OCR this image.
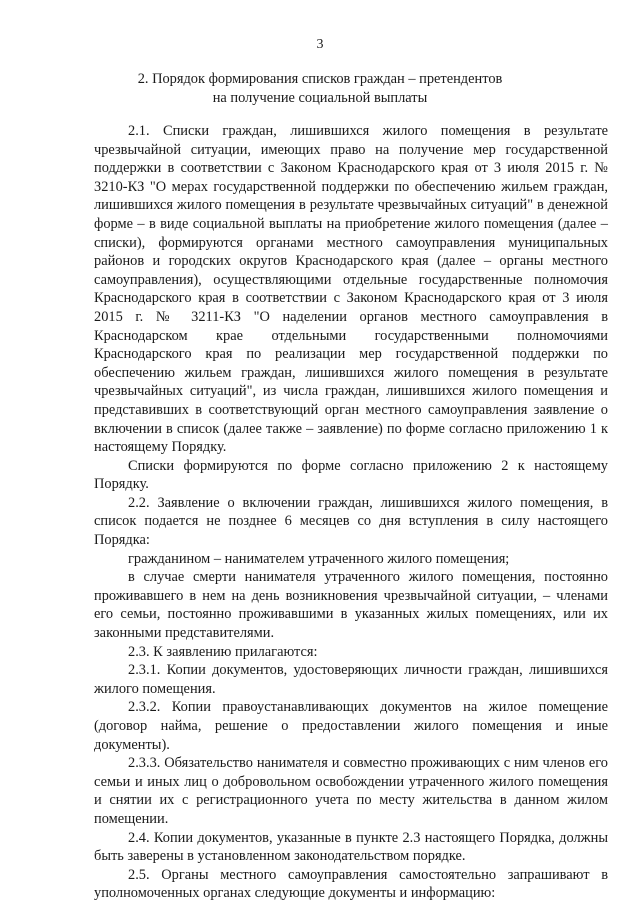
3
2. Порядок формирования списков граждан – претендентов
на получение социальной выплаты

2.1. Списки граждан, лишившихся жилого помещения в результате чрезвычайной ситуации, имеющих право на получение мер государственной поддержки в соответствии с Законом Краснодарского края от 3 июля 2015 г. № 3210-КЗ "О мерах государственной поддержки по обеспечению жильем граждан, лишившихся жилого помещения в результате чрезвычайных ситуаций" в денежной форме – в виде социальной выплаты на приобретение жилого помещения (далее – списки), формируются органами местного самоуправления муниципальных районов и городских округов Краснодарского края (далее – органы местного самоуправления), осуществляющими отдельные государственные полномочия Краснодарского края в соответствии с Законом Краснодарского края от 3 июля 2015 г. № 3211-КЗ "О наделении органов местного самоуправления в Краснодарском крае отдельными государственными полномочиями Краснодарского края по реализации мер государственной поддержки по обеспечению жильем граждан, лишившихся жилого помещения в результате чрезвычайных ситуаций", из числа граждан, лишившихся жилого помещения и представивших в соответствующий орган местного самоуправления заявление о включении в список (далее также – заявление) по форме согласно приложению 1 к настоящему Порядку.

Списки формируются по форме согласно приложению 2 к настоящему Порядку.

2.2. Заявление о включении граждан, лишившихся жилого помещения, в список подается не позднее 6 месяцев со дня вступления в силу настоящего Порядка:

гражданином – нанимателем утраченного жилого помещения;

в случае смерти нанимателя утраченного жилого помещения, постоянно проживавшего в нем на день возникновения чрезвычайной ситуации, – членами его семьи, постоянно проживавшими в указанных жилых помещениях, или их законными представителями.

2.3. К заявлению прилагаются:

2.3.1. Копии документов, удостоверяющих личности граждан, лишившихся жилого помещения.

2.3.2. Копии правоустанавливающих документов на жилое помещение (договор найма, решение о предоставлении жилого помещения и иные документы).

2.3.3. Обязательство нанимателя и совместно проживающих с ним членов его семьи и иных лиц о добровольном освобождении утраченного жилого помещения и снятии их с регистрационного учета по месту жительства в данном жилом помещении.

2.4. Копии документов, указанные в пункте 2.3 настоящего Порядка, должны быть заверены в установленном законодательством порядке.

2.5. Органы местного самоуправления самостоятельно запрашивают в уполномоченных органах следующие документы и информацию:
